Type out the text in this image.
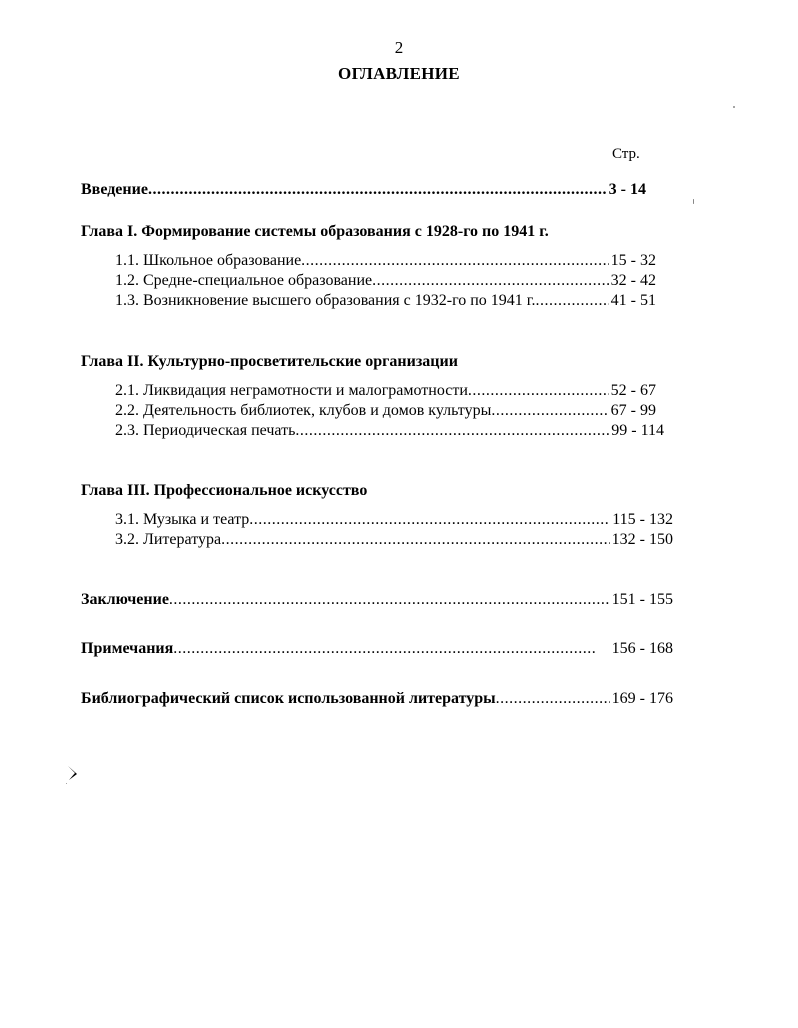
2
ОГЛАВЛЕНИЕ
Стр.
Введение .....	3 - 14
Глава I. Формирование системы образования с 1928-го по 1941 г.
1.1. Школьное образование .....	15 - 32
1.2. Средне-специальное образование .....	32 - 42
1.3. Возникновение высшего образования с 1932-го по 1941 г. .....	41 - 51
Глава II. Культурно-просветительские организации
2.1. Ликвидация неграмотности и малограмотности .....	52 - 67
2.2. Деятельность библиотек, клубов и домов культуры .....	67 - 99
2.3. Периодическая печать .....	99 - 114
Глава III. Профессиональное искусство
3.1. Музыка и театр .....	115 - 132
3.2. Литература .....	132 - 150
Заключение .....	151 - 155
Примечания .....	156 - 168
Библиографический список использованной литературы .....	169 - 176
